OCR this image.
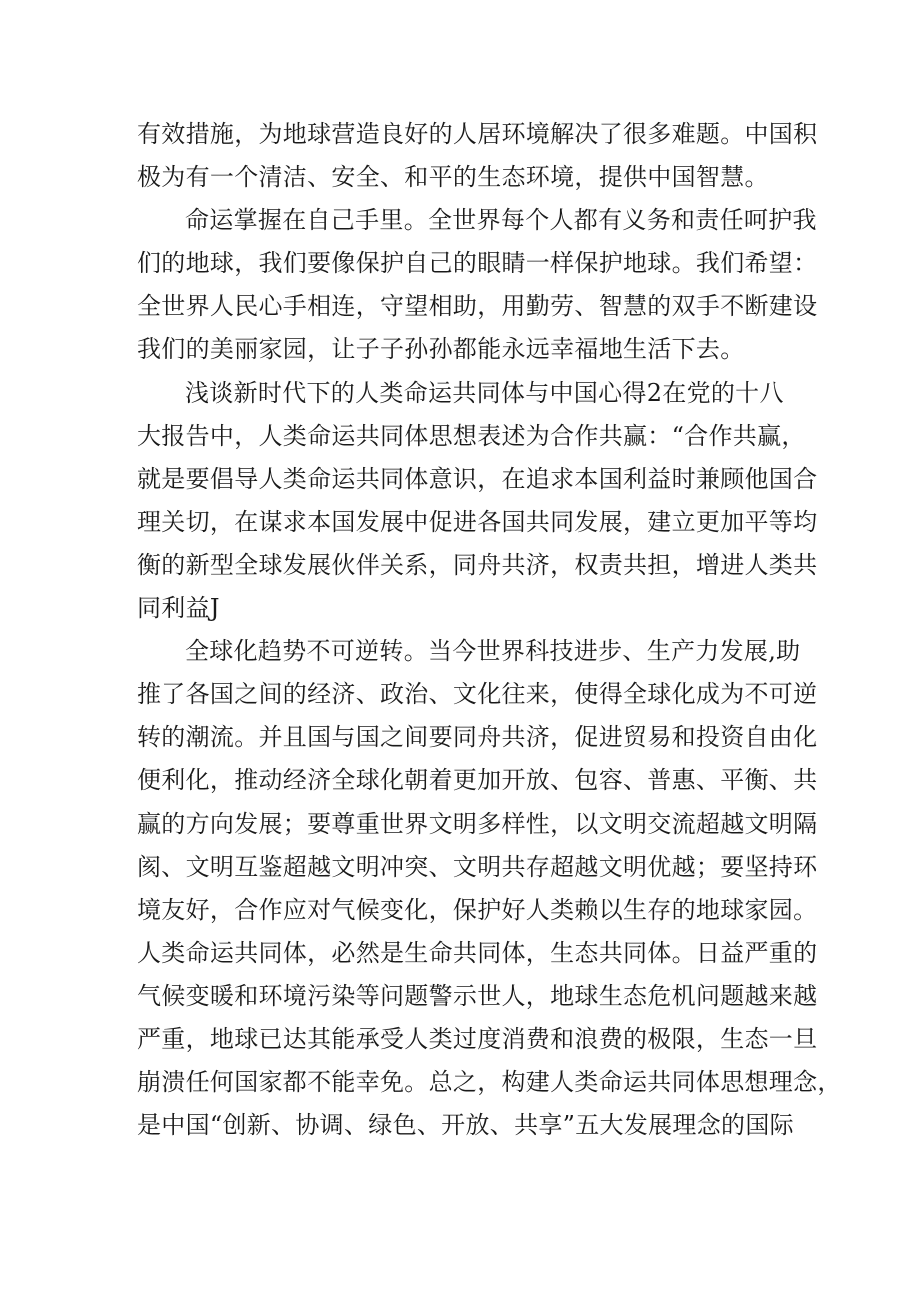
有效措施，为地球营造良好的人居环境解决了很多难题。中国积
极为有一个清洁、安全、和平的生态环境，提供中国智慧。
命运掌握在自己手里。全世界每个人都有义务和责任呵护我
们的地球，我们要像保护自己的眼睛一样保护地球。我们希望：
全世界人民心手相连，守望相助，用勤劳、智慧的双手不断建设
我们的美丽家园，让子子孙孙都能永远幸福地生活下去。
浅谈新时代下的人类命运共同体与中国心得2在党的十八
大报告中，人类命运共同体思想表述为合作共赢：“合作共赢，
就是要倡导人类命运共同体意识，在追求本国利益时兼顾他国合
理关切，在谋求本国发展中促进各国共同发展，建立更加平等均
衡的新型全球发展伙伴关系，同舟共济，权责共担，增进人类共
同利益J
全球化趋势不可逆转。当今世界科技进步、生产力发展,助
推了各国之间的经济、政治、文化往来，使得全球化成为不可逆
转的潮流。并且国与国之间要同舟共济，促进贸易和投资自由化
便利化，推动经济全球化朝着更加开放、包容、普惠、平衡、共
赢的方向发展；要尊重世界文明多样性，以文明交流超越文明隔
阂、文明互鉴超越文明冲突、文明共存超越文明优越；要坚持环
境友好，合作应对气候变化，保护好人类赖以生存的地球家园。
人类命运共同体，必然是生命共同体，生态共同体。日益严重的
气候变暖和环境污染等问题警示世人，地球生态危机问题越来越
严重，地球已达其能承受人类过度消费和浪费的极限，生态一旦
崩溃任何国家都不能幸免。总之，构建人类命运共同体思想理念，
是中国“创新、协调、绿色、开放、共享”五大发展理念的国际
